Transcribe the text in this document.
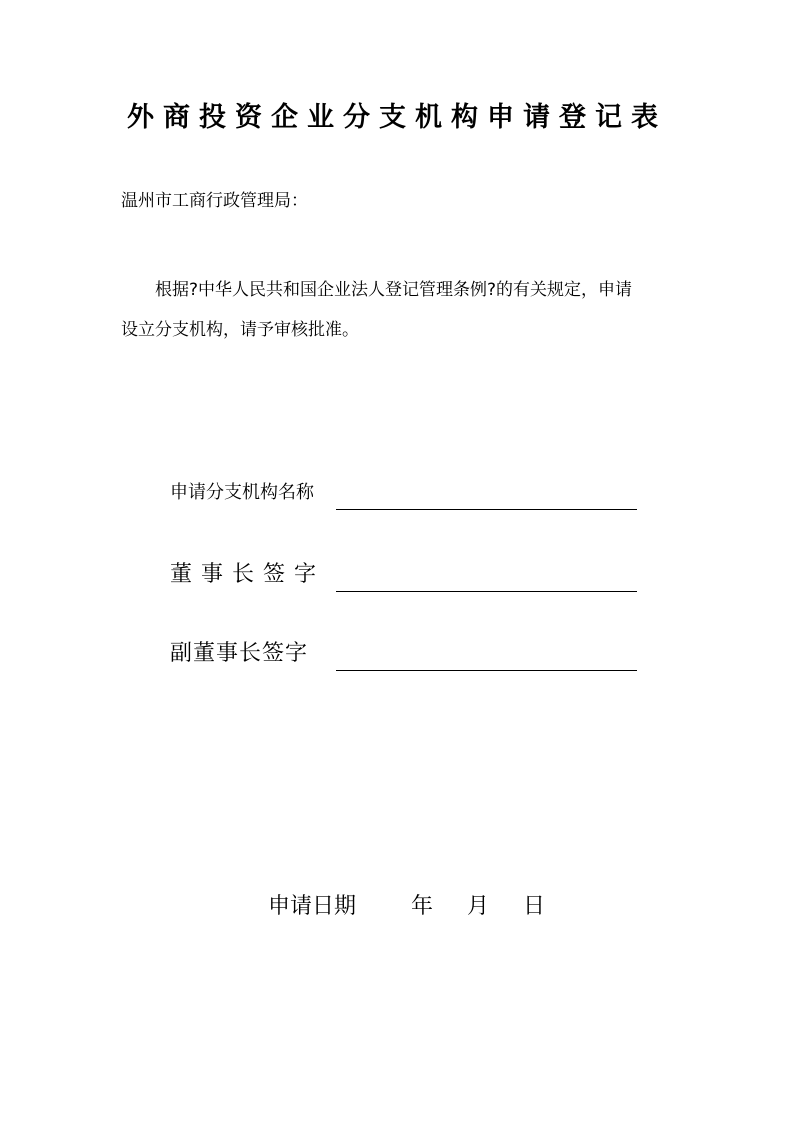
外商投资企业分支机构申请登记表
温州市工商行政管理局：
根据?中华人民共和国企业法人登记管理条例?的有关规定，申请
设立分支机构，请予审核批准。
申请分支机构名称
董事长签字
副董事长签字
申请日期	年 月 日
